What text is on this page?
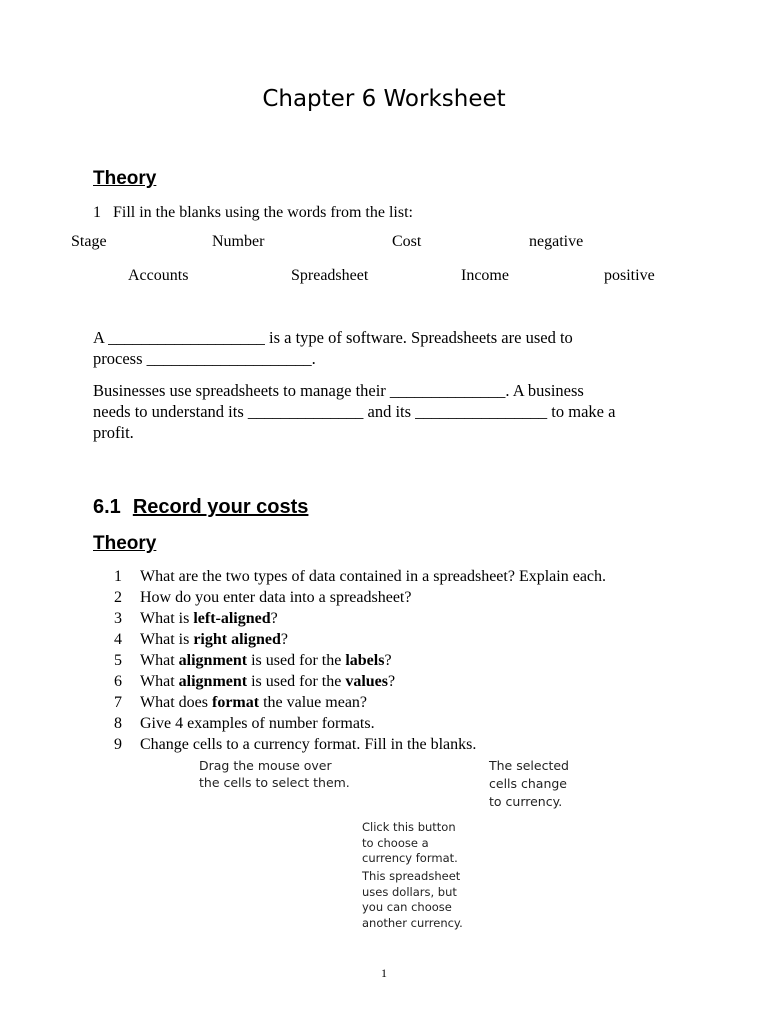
Chapter 6 Worksheet
Theory
1 Fill in the blanks using the words from the list:
Stage	Number	Cost	negative
Accounts	Spreadsheet	Income	positive

A ___________________ is a type of software. Spreadsheets are used to

process ____________________.

Businesses use spreadsheets to manage their ______________. A business

needs to understand its ______________ and its ________________ to make a

profit.

6.1 Record your costs
Theory
1	What are the two types of data contained in a spreadsheet? Explain each.
2	How do you enter data into a spreadsheet?
3	What is left-aligned?
4	What is right aligned?
5	What alignment is used for the labels?
6	What alignment is used for the values?
7	What does format the value mean?
8	Give 4 examples of number formats.
9	Change cells to a currency format. Fill in the blanks.
Drag the mouse over
the cells to select them.
The selected
cells change
to currency.
Click this button
to choose a
currency format.
This spreadsheet
uses dollars, but
you can choose
another currency.
1
